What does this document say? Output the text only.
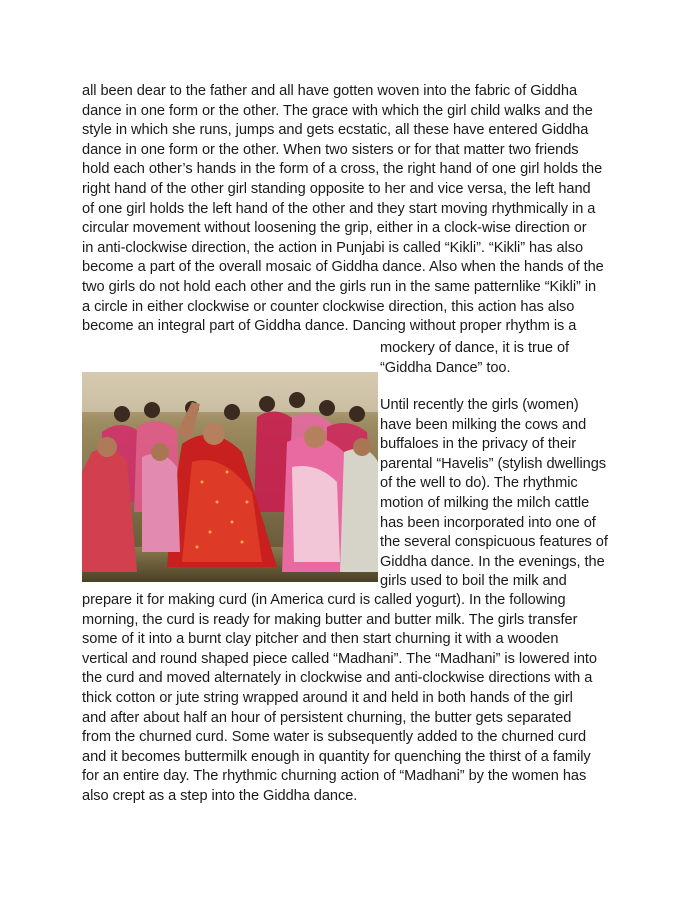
all been dear to the father and all have gotten woven into the fabric of Giddha
dance in one form or the other. The grace with which the girl child walks and the
style in which she runs, jumps and gets ecstatic, all these have entered Giddha
dance in one form or the other. When two sisters or for that matter two friends
hold each other’s hands in the form of a cross, the right hand of one girl holds the
right hand of the other girl standing opposite to her and vice versa, the left hand
of one girl holds the left hand of the other and they start moving rhythmically in a
circular movement without loosening the grip, either in a clock-wise direction or
in anti-clockwise direction, the action in Punjabi is called “Kikli”. “Kikli” has also
become a part of the overall mosaic of Giddha dance. Also when the hands of the
two girls do not hold each other and the girls run in the same patternlike “Kikli” in
a circle in either clockwise or counter clockwise direction, this action has also
become an integral part of Giddha dance. Dancing without proper rhythm is a

mockery of dance, it is true of
“Giddha Dance” too.

Until recently the girls (women)
have been milking the cows and
buffaloes in the privacy of their
parental “Havelis” (stylish dwellings
of the well to do). The rhythmic
motion of milking the milch cattle
has been incorporated into one of
the several conspicuous features of
Giddha dance. In the evenings, the
girls used to boil the milk and

prepare it for making curd (in America curd is called yogurt). In the following
morning, the curd is ready for making butter and butter milk. The girls transfer
some of it into a burnt clay pitcher and then start churning it with a wooden
vertical and round shaped piece called “Madhani”. The “Madhani” is lowered into
the curd and moved alternately in clockwise and anti-clockwise directions with a
thick cotton or jute string wrapped around it and held in both hands of the girl
and after about half an hour of persistent churning, the butter gets separated
from the churned curd. Some water is subsequently added to the churned curd
and it becomes buttermilk enough in quantity for quenching the thirst of a family
for an entire day. The rhythmic churning action of “Madhani” by the women has
also crept as a step into the Giddha dance.
